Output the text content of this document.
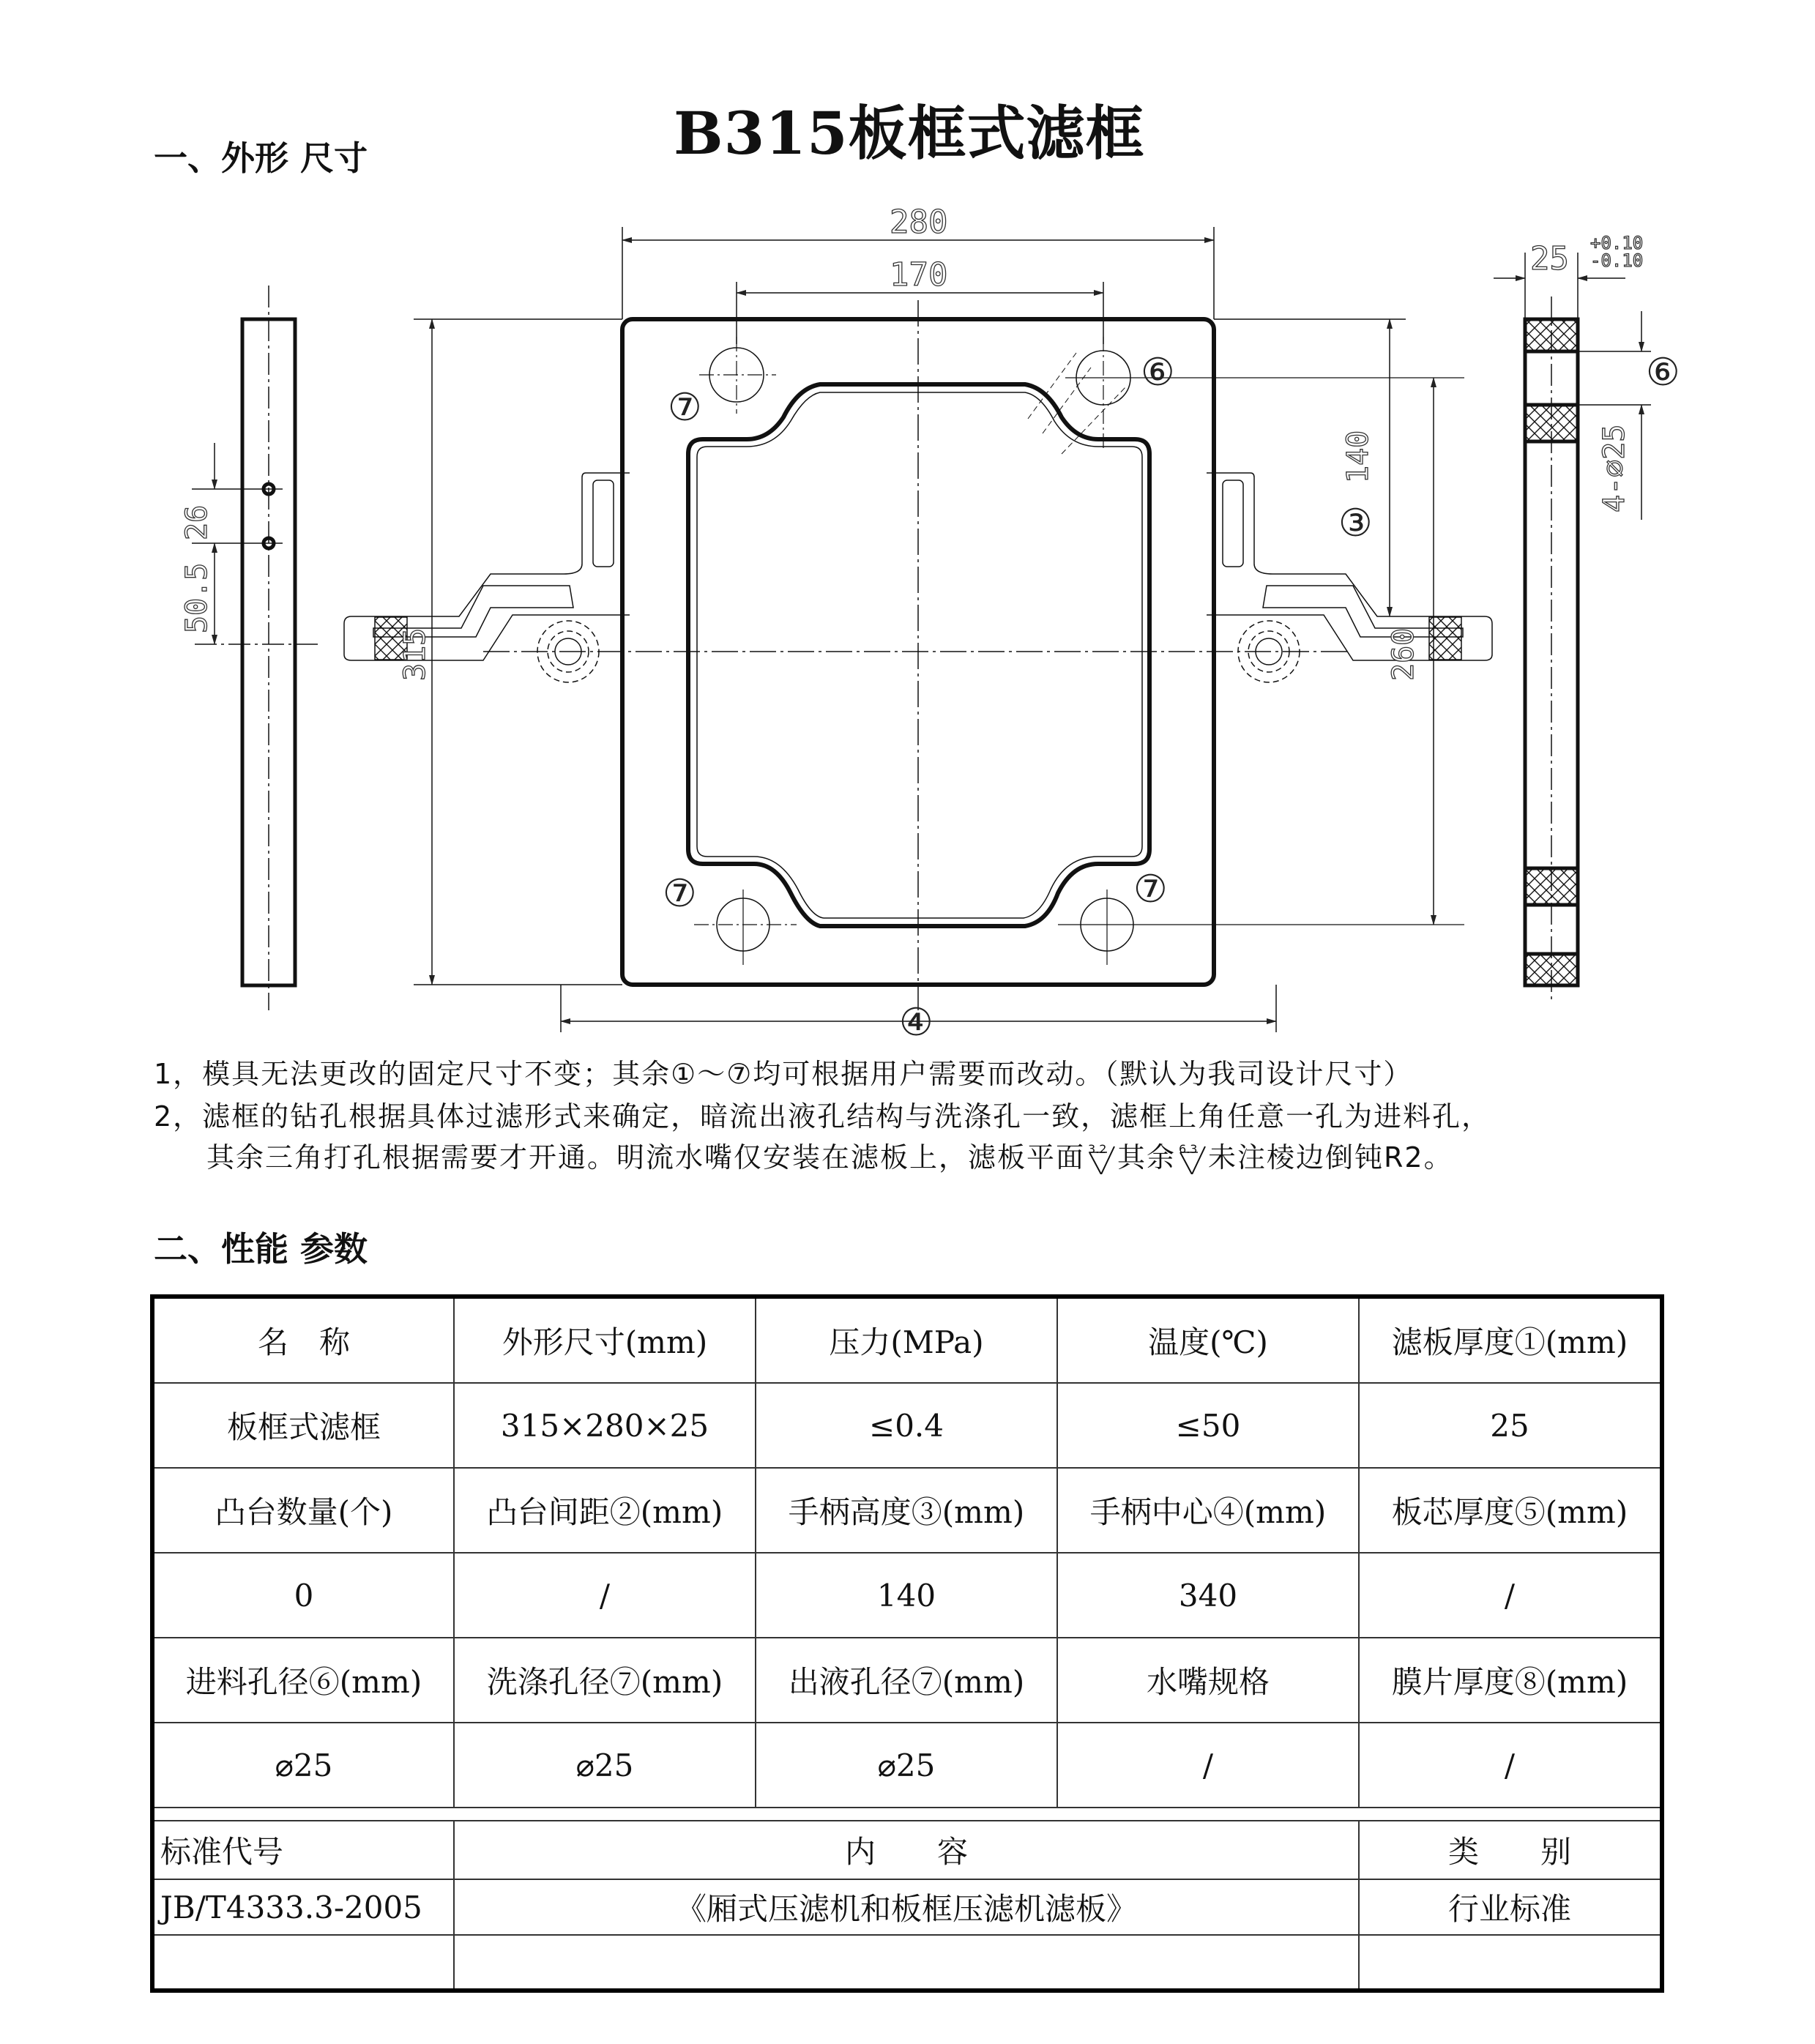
B315板框式滤框
一、外形 尺寸
280
170	25 +0.10
-0.10
4-⌀25
140
260
315
26
50.5
⑥	⑥
⑦
⑦	⑦
③
④
1，模具无法更改的固定尺寸不变；其余①～⑦均可根据用户需要而改动。（默认为我司设计尺寸）
2，滤框的钻孔根据具体过滤形式来确定，暗流出液孔结构与洗涤孔一致，滤框上角任意一孔为进料孔，
其余三角打孔根据需要才开通。明流水嘴仅安装在滤板上，滤板平面 3.2 其余 6.3 未注棱边倒钝R2。
二、性能 参数
名　称	外形尺寸(mm)	压力(MPa)	温度(℃)	滤板厚度①(mm)
板框式滤框	315×280×25	≤0.4	≤50	25
凸台数量(个)	凸台间距②(mm)	手柄高度③(mm)	手柄中心④(mm)	板芯厚度⑤(mm)
0	/	140	340	/
进料孔径⑥(mm)	洗涤孔径⑦(mm)	出液孔径⑦(mm)	水嘴规格	膜片厚度⑧(mm)
⌀25	⌀25	⌀25	/	/

标准代号	内　　容			类　　别
JB/T4333.3-2005	《厢式压滤机和板框压滤机滤板》			行业标准
